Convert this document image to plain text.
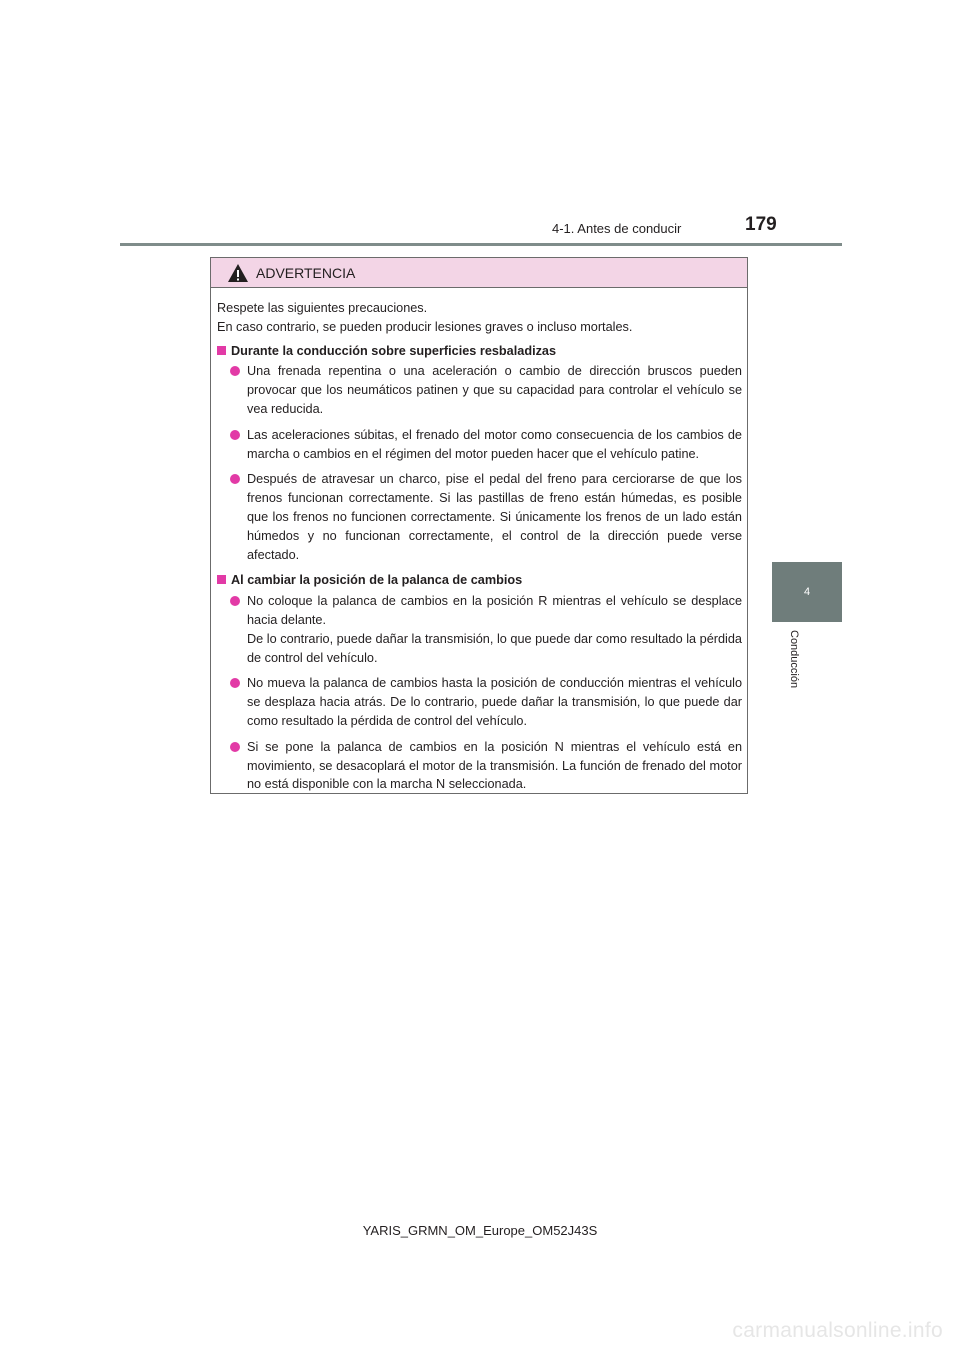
4-1. Antes de conducir	179
4
Conducción
ADVERTENCIA

Respete las siguientes precauciones.

En caso contrario, se pueden producir lesiones graves o incluso mortales.

Durante la conducción sobre superficies resbaladizas

Una frenada repentina o una aceleración o cambio de dirección bruscos pueden provocar que los neumáticos patinen y que su capacidad para controlar el vehículo se vea reducida.

Las aceleraciones súbitas, el frenado del motor como consecuencia de los cambios de marcha o cambios en el régimen del motor pueden hacer que el vehículo patine.

Después de atravesar un charco, pise el pedal del freno para cerciorarse de que los frenos funcionan correctamente. Si las pastillas de freno están húmedas, es posible que los frenos no funcionen correctamente. Si únicamente los frenos de un lado están húmedos y no funcionan correctamente, el control de la dirección puede verse afectado.

Al cambiar la posición de la palanca de cambios

No coloque la palanca de cambios en la posición R mientras el vehículo se desplace hacia delante.

De lo contrario, puede dañar la transmisión, lo que puede dar como resultado la pérdida de control del vehículo.

No mueva la palanca de cambios hasta la posición de conducción mientras el vehículo se desplaza hacia atrás. De lo contrario, puede dañar la transmisión, lo que puede dar como resultado la pérdida de control del vehículo.

Si se pone la palanca de cambios en la posición N mientras el vehículo está en movimiento, se desacoplará el motor de la transmisión. La función de frenado del motor no está disponible con la marcha N seleccionada.

YARIS_GRMN_OM_Europe_OM52J43S
carmanualsonline.info
